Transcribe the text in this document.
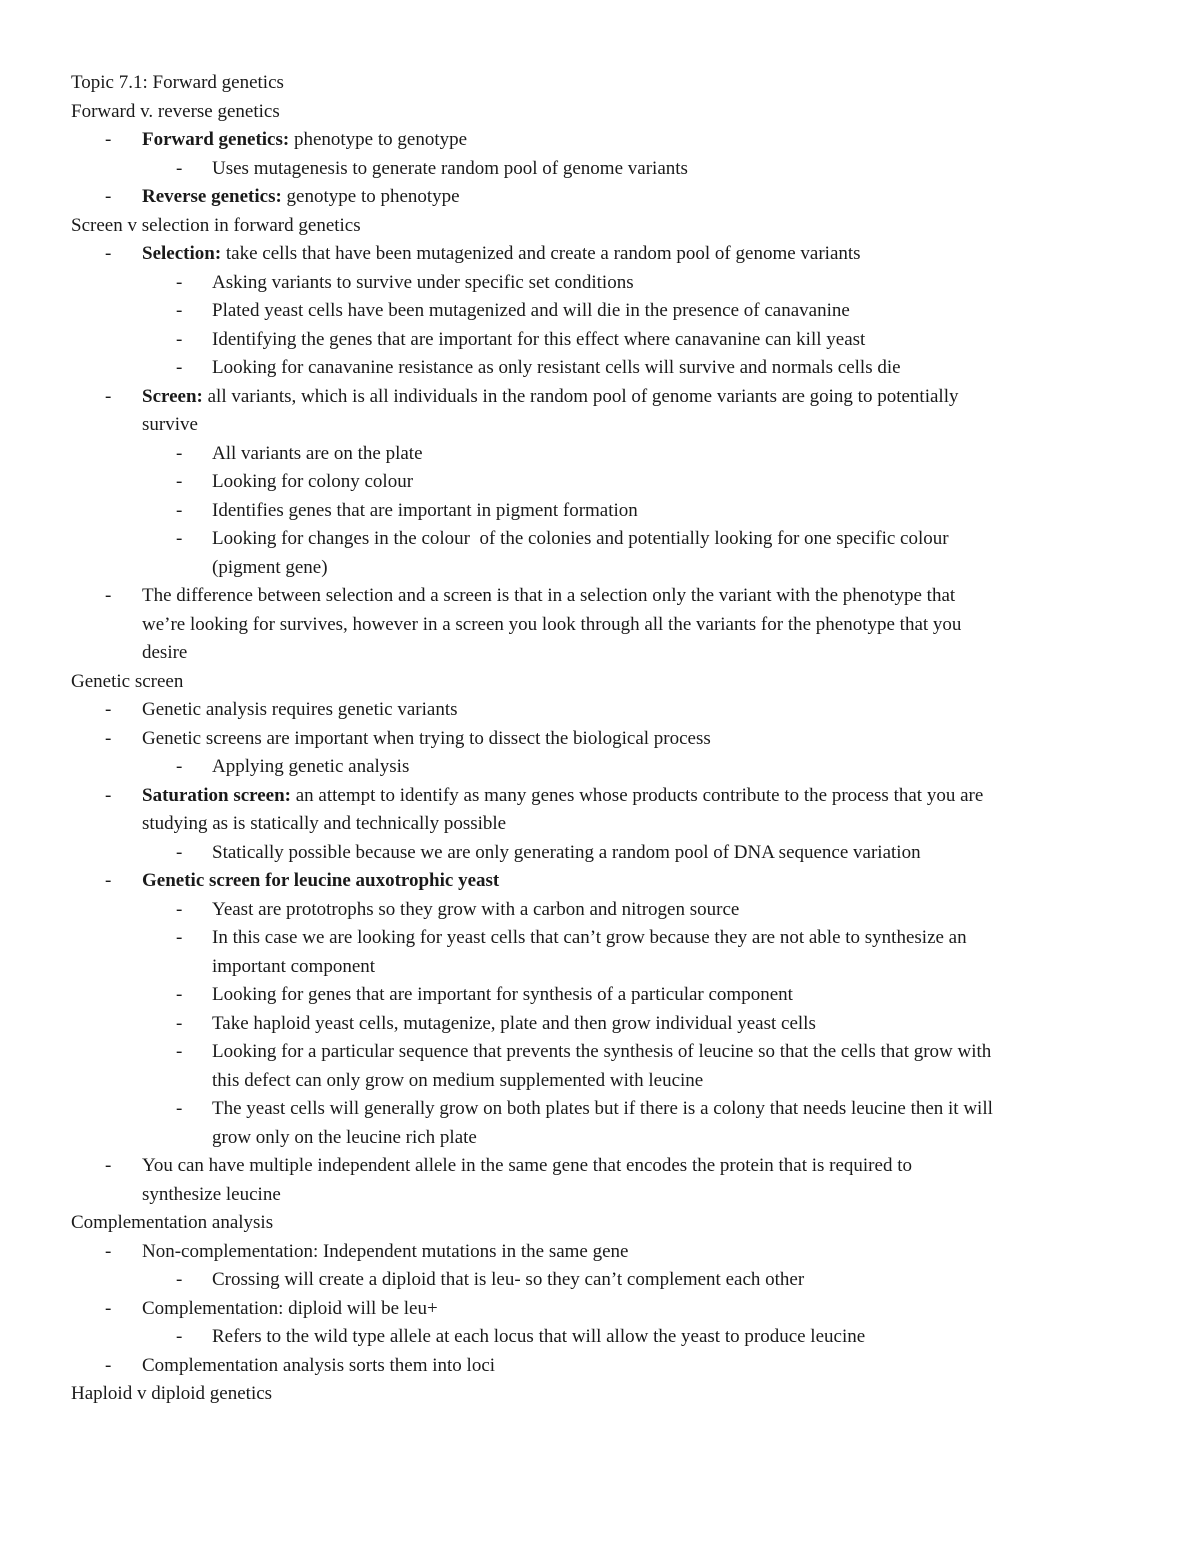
Topic 7.1: Forward genetics
Forward v. reverse genetics
- Forward genetics: phenotype to genotype
- Uses mutagenesis to generate random pool of genome variants
- Reverse genetics: genotype to phenotype
Screen v selection in forward genetics
- Selection: take cells that have been mutagenized and create a random pool of genome variants
- Asking variants to survive under specific set conditions
- Plated yeast cells have been mutagenized and will die in the presence of canavanine
- Identifying the genes that are important for this effect where canavanine can kill yeast
- Looking for canavanine resistance as only resistant cells will survive and normals cells die
- Screen: all variants, which is all individuals in the random pool of genome variants are going to potentially
survive
- All variants are on the plate
- Looking for colony colour
- Identifies genes that are important in pigment formation
- Looking for changes in the colour  of the colonies and potentially looking for one specific colour
(pigment gene)
- The difference between selection and a screen is that in a selection only the variant with the phenotype that
we’re looking for survives, however in a screen you look through all the variants for the phenotype that you
desire
Genetic screen
- Genetic analysis requires genetic variants
- Genetic screens are important when trying to dissect the biological process
- Applying genetic analysis
- Saturation screen: an attempt to identify as many genes whose products contribute to the process that you are
studying as is statically and technically possible
- Statically possible because we are only generating a random pool of DNA sequence variation
- Genetic screen for leucine auxotrophic yeast
- Yeast are prototrophs so they grow with a carbon and nitrogen source
- In this case we are looking for yeast cells that can’t grow because they are not able to synthesize an
important component
- Looking for genes that are important for synthesis of a particular component
- Take haploid yeast cells, mutagenize, plate and then grow individual yeast cells
- Looking for a particular sequence that prevents the synthesis of leucine so that the cells that grow with
this defect can only grow on medium supplemented with leucine
- The yeast cells will generally grow on both plates but if there is a colony that needs leucine then it will
grow only on the leucine rich plate
- You can have multiple independent allele in the same gene that encodes the protein that is required to
synthesize leucine
Complementation analysis
- Non-complementation: Independent mutations in the same gene
- Crossing will create a diploid that is leu- so they can’t complement each other
- Complementation: diploid will be leu+
- Refers to the wild type allele at each locus that will allow the yeast to produce leucine
- Complementation analysis sorts them into loci
Haploid v diploid genetics
